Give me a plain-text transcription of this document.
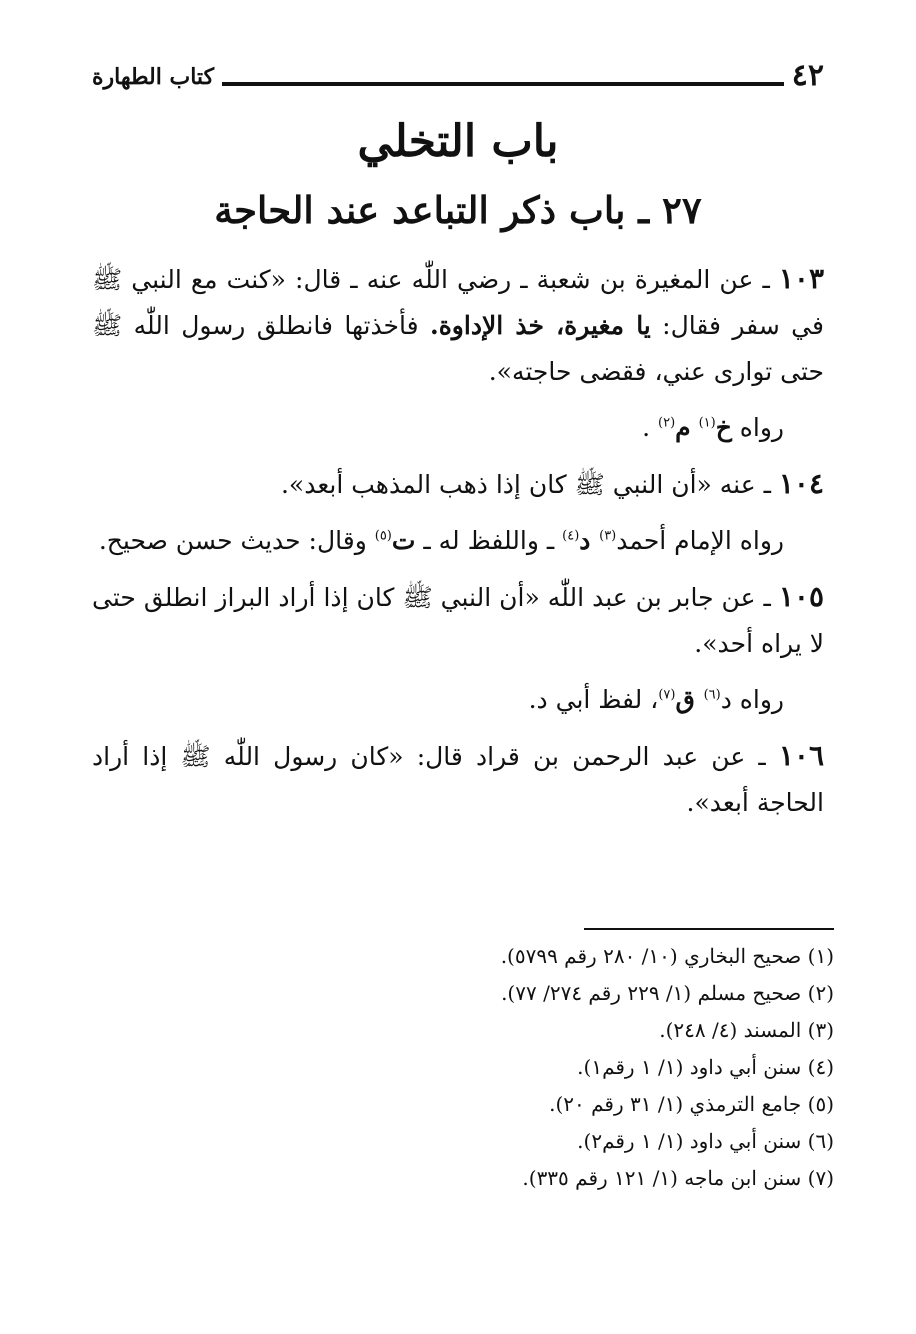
٤٢
كتاب الطهارة
باب التخلي
٢٧ ـ باب ذكر التباعد عند الحاجة

١٠٣ ـ عن المغيرة بن شعبة ـ رضي اللّٰه عنه ـ قال: «كنت مع النبي ﷺ في سفر فقال: يا مغيرة، خذ الإداوة. فأخذتها فانطلق رسول اللّٰه ﷺ حتى توارى عني، فقضى حاجته».

رواه خ$^{(١)}$ م$^{(٢)}$ .

١٠٤ ـ عنه «أن النبي ﷺ كان إذا ذهب المذهب أبعد».

رواه الإمام أحمد$^{(٣)}$ د$^{(٤)}$ ـ واللفظ له ـ ت$^{(٥)}$ وقال: حديث حسن صحيح.

١٠٥ ـ عن جابر بن عبد اللّٰه «أن النبي ﷺ كان إذا أراد البراز انطلق حتى لا يراه أحد».

رواه د$^{(٦)}$ ق$^{(٧)}$، لفظ أبي د.

١٠٦ ـ عن عبد الرحمن بن قراد قال: «كان رسول اللّٰه ﷺ إذا أراد الحاجة أبعد».

(١) صحيح البخاري (١٠/ ٢٨٠ رقم ٥٧٩٩).

(٢) صحيح مسلم (١/ ٢٢٩ رقم ٢٧٤/ ٧٧).

(٣) المسند (٤/ ٢٤٨).

(٤) سنن أبي داود (١/ ١ رقم١).

(٥) جامع الترمذي (١/ ٣١ رقم ٢٠).

(٦) سنن أبي داود (١/ ١ رقم٢).

(٧) سنن ابن ماجه (١/ ١٢١ رقم ٣٣٥).
